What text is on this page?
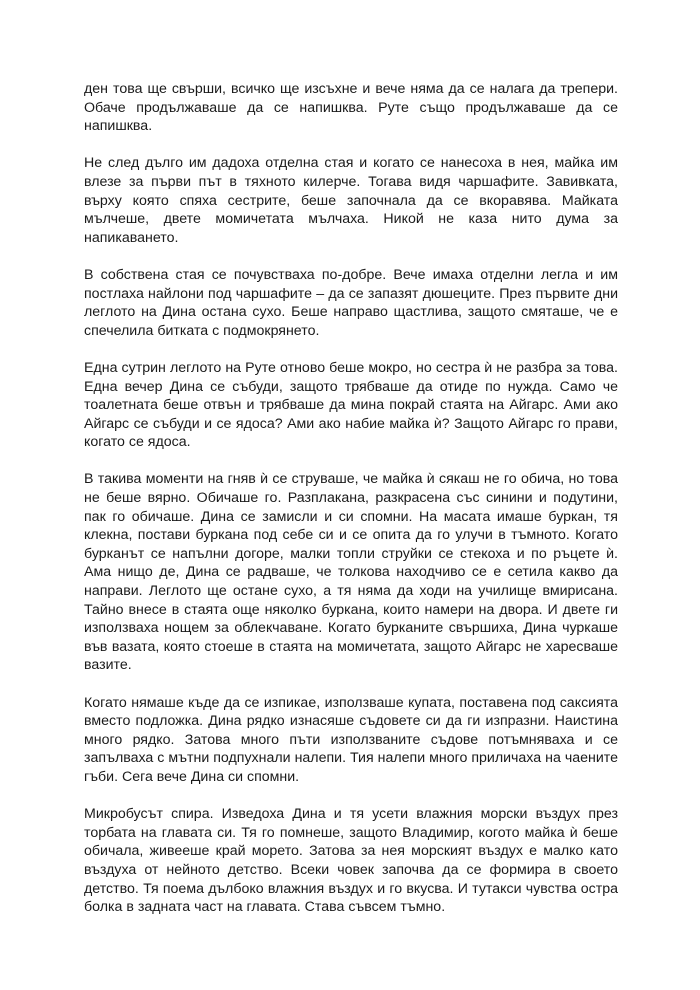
ден това ще свърши, всичко ще изсъхне и вече няма да се налага да трепери. Обаче продължаваше да се напишква. Руте също продължаваше да се напишква.

Не след дълго им дадоха отделна стая и когато се нанесоха в нея, майка им влезе за първи път в тяхното килерче. Тогава видя чаршафите. Завивката, върху която спяха сестрите, беше започнала да се вкоравява. Майката мълчеше, двете момичетата мълчаха. Никой не каза нито дума за напикаването.

В собствена стая се почувстваха по-добре. Вече имаха отделни легла и им постлаха найлони под чаршафите – да се запазят дюшеците. През първите дни леглото на Дина остана сухо. Беше направо щастлива, защото смяташе, че е спечелила битката с подмокрянето.

Една сутрин леглото на Руте отново беше мокро, но сестра ѝ не разбра за това. Една вечер Дина се събуди, защото трябваше да отиде по нужда. Само че тоалетната беше отвън и трябваше да мина покрай стаята на Айгарс. Ами ако Айгарс се събуди и се ядоса? Ами ако набие майка ѝ? Защото Айгарс го прави, когато се ядоса.

В такива моменти на гняв ѝ се струваше, че майка ѝ сякаш не го обича, но това не беше вярно. Обичаше го. Разплакана, разкрасена със синини и подутини, пак го обичаше. Дина се замисли и си спомни. На масата имаше буркан, тя клекна, постави буркана под себе си и се опита да го улучи в тъмното. Когато бурканът се напълни догоре, малки топли струйки се стекоха и по ръцете ѝ. Ама нищо де, Дина се радваше, че толкова находчиво се е сетила какво да направи. Леглото ще остане сухо, а тя няма да ходи на училище вмирисана. Тайно внесе в стаята още няколко буркана, които намери на двора. И двете ги използваха нощем за облекчаване. Когато бурканите свършиха, Дина чуркаше във вазата, която стоеше в стаята на момичетата, защото Айгарс не харесваше вазите.

Когато нямаше къде да се изпикае, използваше купата, поставена под саксията вместо подложка. Дина рядко изнасяше съдовете си да ги изпразни. Наистина много рядко. Затова много пъти използваните съдове потъмняваха и се запълваха с мътни подпухнали налепи. Тия налепи много приличаха на чаените гъби. Сега вече Дина си спомни.

Микробусът спира. Изведоха Дина и тя усети влажния морски въздух през торбата на главата си. Тя го помнеше, защото Владимир, когото майка ѝ беше обичала, живееше край морето. Затова за нея морският въздух е малко като въздуха от нейното детство. Всеки човек започва да се формира в своето детство. Тя поема дълбоко влажния въздух и го вкусва. И тутакси чувства остра болка в задната част на главата. Става съвсем тъмно.
